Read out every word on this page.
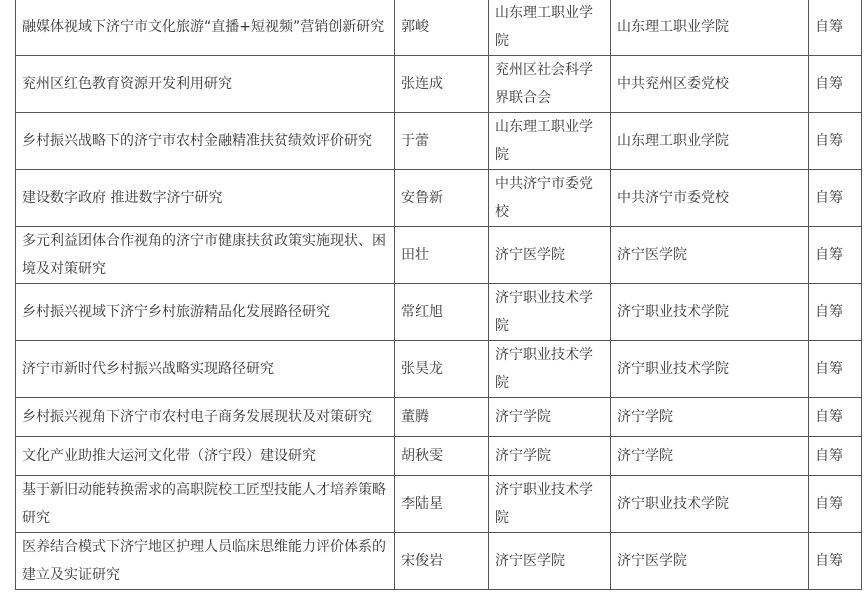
融媒体视域下济宁市文化旅游“直播+短视频”营销创新研究	郭峻	山东理工职业学院	山东理工职业学院	自筹
兖州区红色教育资源开发利用研究	张连成	兖州区社会科学界联合会	中共兖州区委党校	自筹
乡村振兴战略下的济宁市农村金融精准扶贫绩效评价研究	于蕾	山东理工职业学院	山东理工职业学院	自筹
建设数字政府 推进数字济宁研究	安鲁新	中共济宁市委党校	中共济宁市委党校	自筹
多元利益团体合作视角的济宁市健康扶贫政策实施现状、困境及对策研究	田壮	济宁医学院	济宁医学院	自筹
乡村振兴视域下济宁乡村旅游精品化发展路径研究	常红旭	济宁职业技术学院	济宁职业技术学院	自筹
济宁市新时代乡村振兴战略实现路径研究	张昊龙	济宁职业技术学院	济宁职业技术学院	自筹
乡村振兴视角下济宁市农村电子商务发展现状及对策研究	董腾	济宁学院	济宁学院	自筹
文化产业助推大运河文化带（济宁段）建设研究	胡秋雯	济宁学院	济宁学院	自筹
基于新旧动能转换需求的高职院校工匠型技能人才培养策略研究	李陆星	济宁职业技术学院	济宁职业技术学院	自筹
医养结合模式下济宁地区护理人员临床思维能力评价体系的建立及实证研究	宋俊岩	济宁医学院	济宁医学院	自筹
